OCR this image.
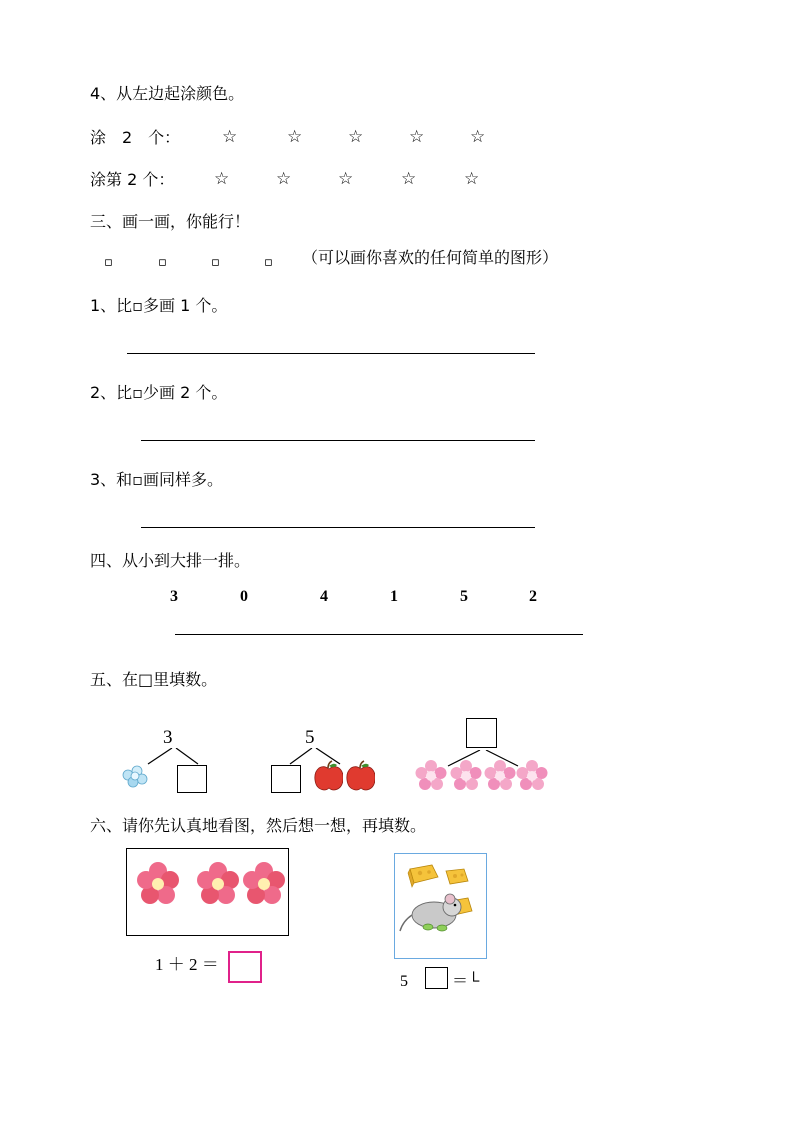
4、从左边起涂颜色。
涂　2　个： ☆	☆	☆	☆	☆
涂第 2 个： ☆	☆	☆	☆	☆
三、画一画，你能行！
▫	▫	▫	▫ （可以画你喜欢的任何简单的图形）
1、比▫多画 1 个。
2、比▫少画 2 个。
3、和▫画同样多。
四、从小到大排一排。
3	0	4	1	5	2
五、在□里填数。
3	5
六、请你先认真地看图，然后想一想，再填数。
1 ＋ 2 ＝
5	＝└
